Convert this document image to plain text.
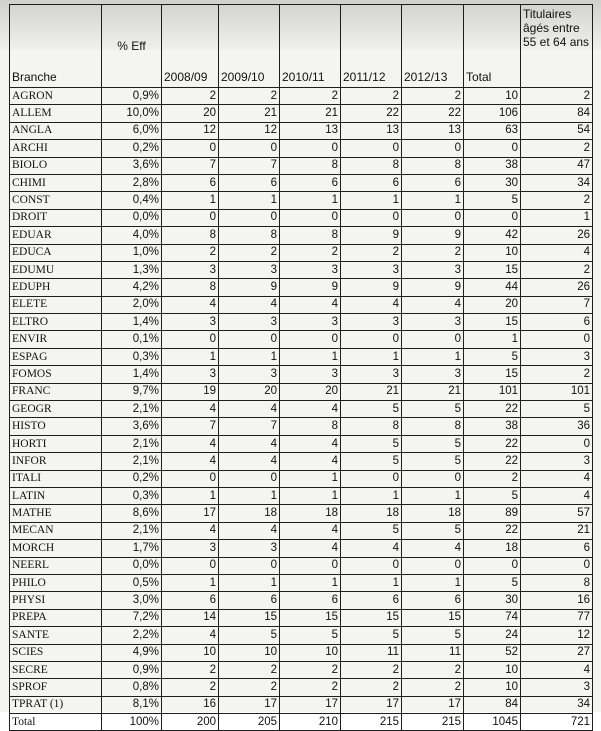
Branche	% Eff	2008/09	2009/10	2010/11	2011/12	2012/13	Total	Titulaires âgés entre 55 et 64 ans
AGRON	0,9%	2	2	2	2	2	10	2
ALLEM	10,0%	20	21	21	22	22	106	84
ANGLA	6,0%	12	12	13	13	13	63	54
ARCHI	0,2%	0	0	0	0	0	0	2
BIOLO	3,6%	7	7	8	8	8	38	47
CHIMI	2,8%	6	6	6	6	6	30	34
CONST	0,4%	1	1	1	1	1	5	2
DROIT	0,0%	0	0	0	0	0	0	1
EDUAR	4,0%	8	8	8	9	9	42	26
EDUCA	1,0%	2	2	2	2	2	10	4
EDUMU	1,3%	3	3	3	3	3	15	2
EDUPH	4,2%	8	9	9	9	9	44	26
ELETE	2,0%	4	4	4	4	4	20	7
ELTRO	1,4%	3	3	3	3	3	15	6
ENVIR	0,1%	0	0	0	0	0	1	0
ESPAG	0,3%	1	1	1	1	1	5	3
FOMOS	1,4%	3	3	3	3	3	15	2
FRANC	9,7%	19	20	20	21	21	101	101
GEOGR	2,1%	4	4	4	5	5	22	5
HISTO	3,6%	7	7	8	8	8	38	36
HORTI	2,1%	4	4	4	5	5	22	0
INFOR	2,1%	4	4	4	5	5	22	3
ITALI	0,2%	0	0	1	0	0	2	4
LATIN	0,3%	1	1	1	1	1	5	4
MATHE	8,6%	17	18	18	18	18	89	57
MECAN	2,1%	4	4	4	5	5	22	21
MORCH	1,7%	3	3	4	4	4	18	6
NEERL	0,0%	0	0	0	0	0	0	0
PHILO	0,5%	1	1	1	1	1	5	8
PHYSI	3,0%	6	6	6	6	6	30	16
PREPA	7,2%	14	15	15	15	15	74	77
SANTE	2,2%	4	5	5	5	5	24	12
SCIES	4,9%	10	10	10	11	11	52	27
SECRE	0,9%	2	2	2	2	2	10	4
SPROF	0,8%	2	2	2	2	2	10	3
TPRAT (1)	8,1%	16	17	17	17	17	84	34
Total	100%	200	205	210	215	215	1045	721
